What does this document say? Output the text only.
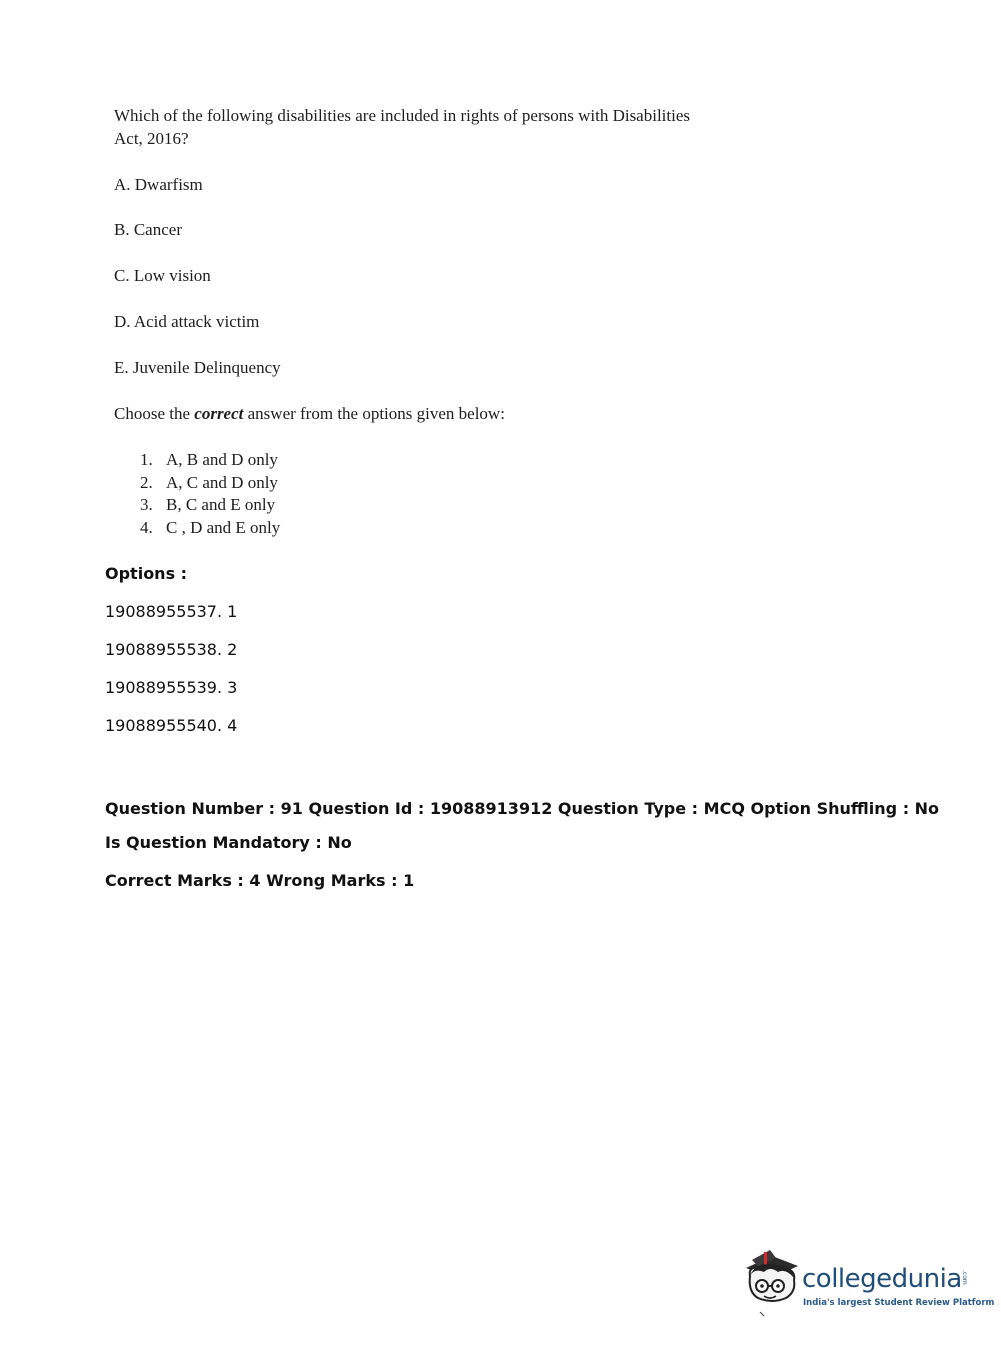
Which of the following disabilities are included in rights of persons with Disabilities

Act, 2016?

A. Dwarfism
B. Cancer
C. Low vision
D. Acid attack victim
E. Juvenile Delinquency
Choose the correct answer from the options given below:
1. A, B and D only
2. A, C and D only
3. B, C and E only
4. C , D and E only
Options :
19088955537. 1
19088955538. 2
19088955539. 3
19088955540. 4
Question Number : 91 Question Id : 19088913912 Question Type : MCQ Option Shuffling : No
Is Question Mandatory : No
Correct Marks : 4 Wrong Marks : 1
collegedunia .com
India's largest Student Review Platform
